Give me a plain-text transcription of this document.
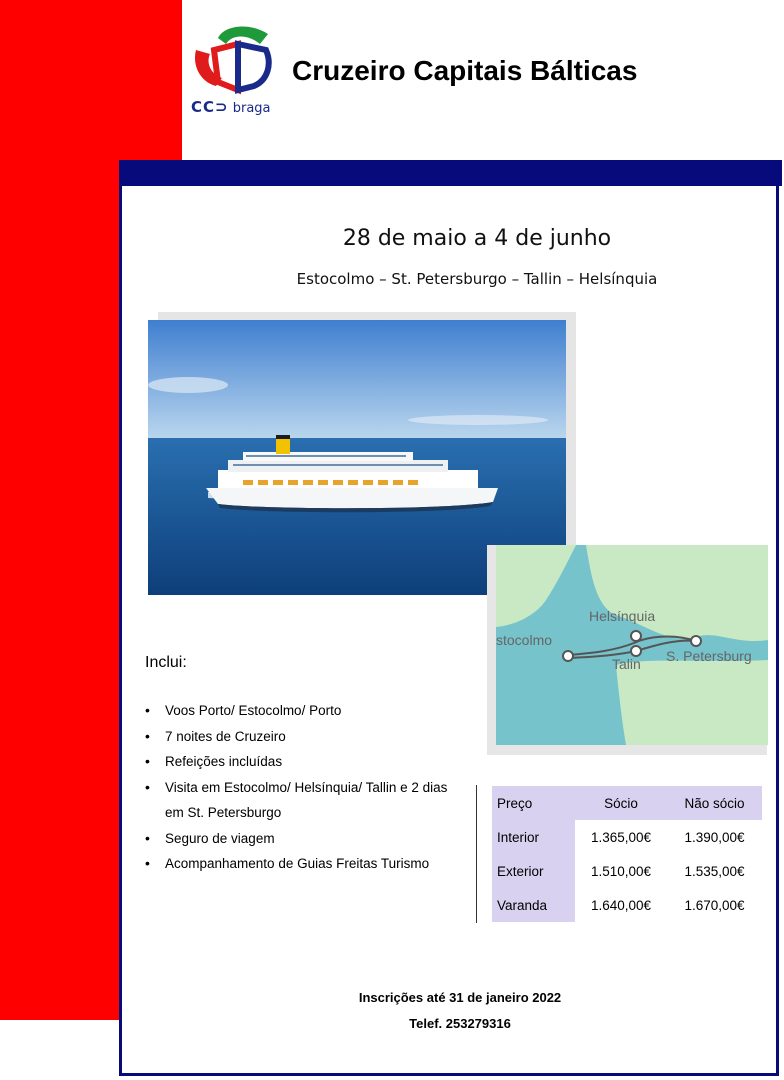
CC⊃ braga
Cruzeiro Capitais Bálticas
28 de maio a 4 de junho
Estocolmo – St. Petersburgo – Tallin – Helsínquia
Helsínquia
stocolmo
Talin S. Petersburg
Inclui:
• Voos Porto/ Estocolmo/ Porto
• 7 noites de Cruzeiro
• Refeições incluídas
• Visita em Estocolmo/ Helsínquia/ Tallin e 2 dias em St. Petersburgo
• Seguro de viagem
• Acompanhamento de Guias Freitas Turismo
Preço	Sócio	Não sócio
Interior	1.365,00€	1.390,00€
Exterior	1.510,00€	1.535,00€
Varanda	1.640,00€	1.670,00€
Inscrições até 31 de janeiro 2022
Telef. 253279316
